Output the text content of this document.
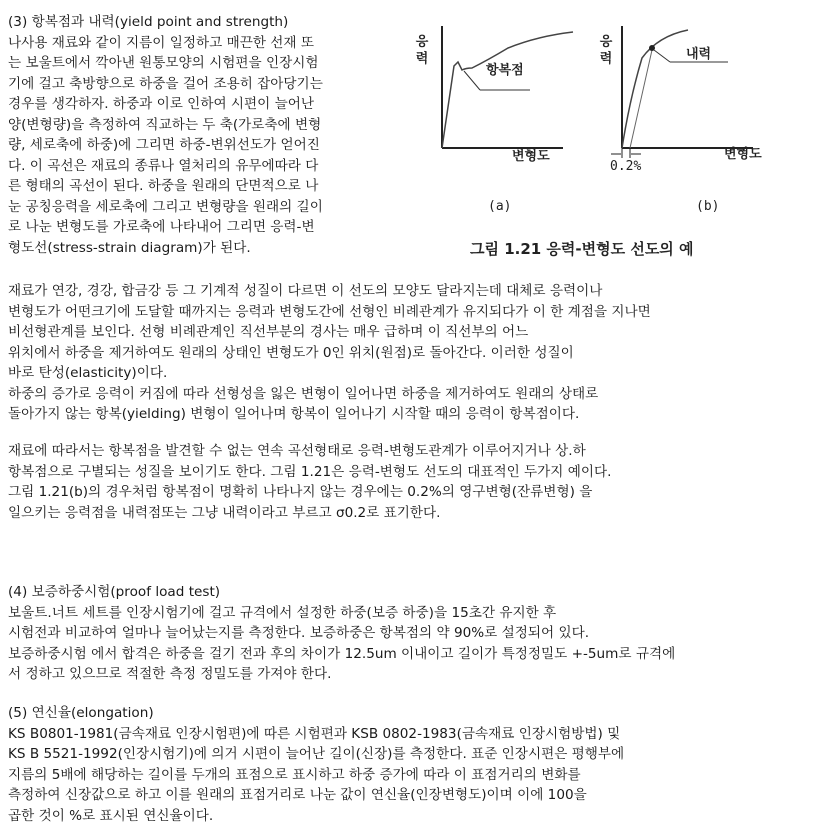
(3) 항복점과 내력(yield point and strength)
나사용 재료와 같이 지름이 일정하고 매끈한 선재 또
는 보울트에서 깍아낸 원통모양의 시험편을 인장시험
기에 걸고 축방향으로 하중을 걸어 조용히 잡아당기는
경우를 생각하자. 하중과 이로 인하여 시편이 늘어난
양(변형량)을 측정하여 직교하는 두 축(가로축에 변형
량, 세로축에 하중)에 그리면 하중-변위선도가 얻어진
다. 이 곡선은 재료의 종류나 열처리의 유무에따라 다
른 형태의 곡선이 된다. 하중을 원래의 단면적으로 나
눈 공칭응력을 세로축에 그리고 변형량을 원래의 길이
로 나눈 변형도를 가로축에 나타내어 그리면 응력-변
형도선(stress-strain diagram)가 된다.
응력
항복점
변형도
(a)
응력	내력
0.2%
변형도
(b)
그림 1.21 응력-변형도 선도의 예
재료가 연강, 경강, 합금강 등 그 기계적 성질이 다르면 이 선도의 모양도 달라지는데 대체로 응력이나
변형도가 어떤크기에 도달할 때까지는 응력과 변형도간에 선형인 비례관계가 유지되다가 이 한 계점을 지나면
비선형관계를 보인다. 선형 비례관계인 직선부분의 경사는 매우 급하며 이 직선부의 어느
위치에서 하중을 제거하여도 원래의 상태인 변형도가 0인 위치(원점)로 돌아간다. 이러한 성질이
바로 탄성(elasticity)이다.
하중의 증가로 응력이 커짐에 따라 선형성을 잃은 변형이 일어나면 하중을 제거하여도 원래의 상태로
돌아가지 않는 항복(yielding) 변형이 일어나며 항복이 일어나기 시작할 때의 응력이 항복점이다.
재료에 따라서는 항복점을 발견할 수 없는 연속 곡선형태로 응력-변형도관계가 이루어지거나 상.하
항복점으로 구별되는 성질을 보이기도 한다. 그림 1.21은 응력-변형도 선도의 대표적인 두가지 예이다.
그림 1.21(b)의 경우처럼 항복점이 명확히 나타나지 않는 경우에는 0.2%의 영구변형(잔류변형) 을
일으키는 응력점을 내력점또는 그냥 내력이라고 부르고 σ0.2로 표기한다.
(4) 보증하중시험(proof load test)
보울트.너트 세트를 인장시험기에 걸고 규격에서 설정한 하중(보증 하중)을 15초간 유지한 후
시험전과 비교하여 얼마나 늘어났는지를 측정한다. 보증하중은 항복점의 약 90%로 설정되어 있다.
보증하중시험 에서 합격은 하중을 걸기 전과 후의 차이가 12.5um 이내이고 길이가 특정정밀도 +-5um로 규격에
서 정하고 있으므로 적절한 측정 정밀도를 가져야 한다.
(5) 연신율(elongation)
KS B0801-1981(금속재료 인장시험편)에 따른 시험편과 KSB 0802-1983(금속재료 인장시험방법) 및
KS B 5521-1992(인장시험기)에 의거 시편이 늘어난 길이(신장)를 측정한다. 표준 인장시편은 평행부에
지름의 5배에 해당하는 길이를 두개의 표점으로 표시하고 하중 증가에 따라 이 표점거리의 변화를
측정하여 신장값으로 하고 이를 원래의 표점거리로 나눈 값이 연신율(인장변형도)이며 이에 100을
곱한 것이 %로 표시된 연신율이다.
